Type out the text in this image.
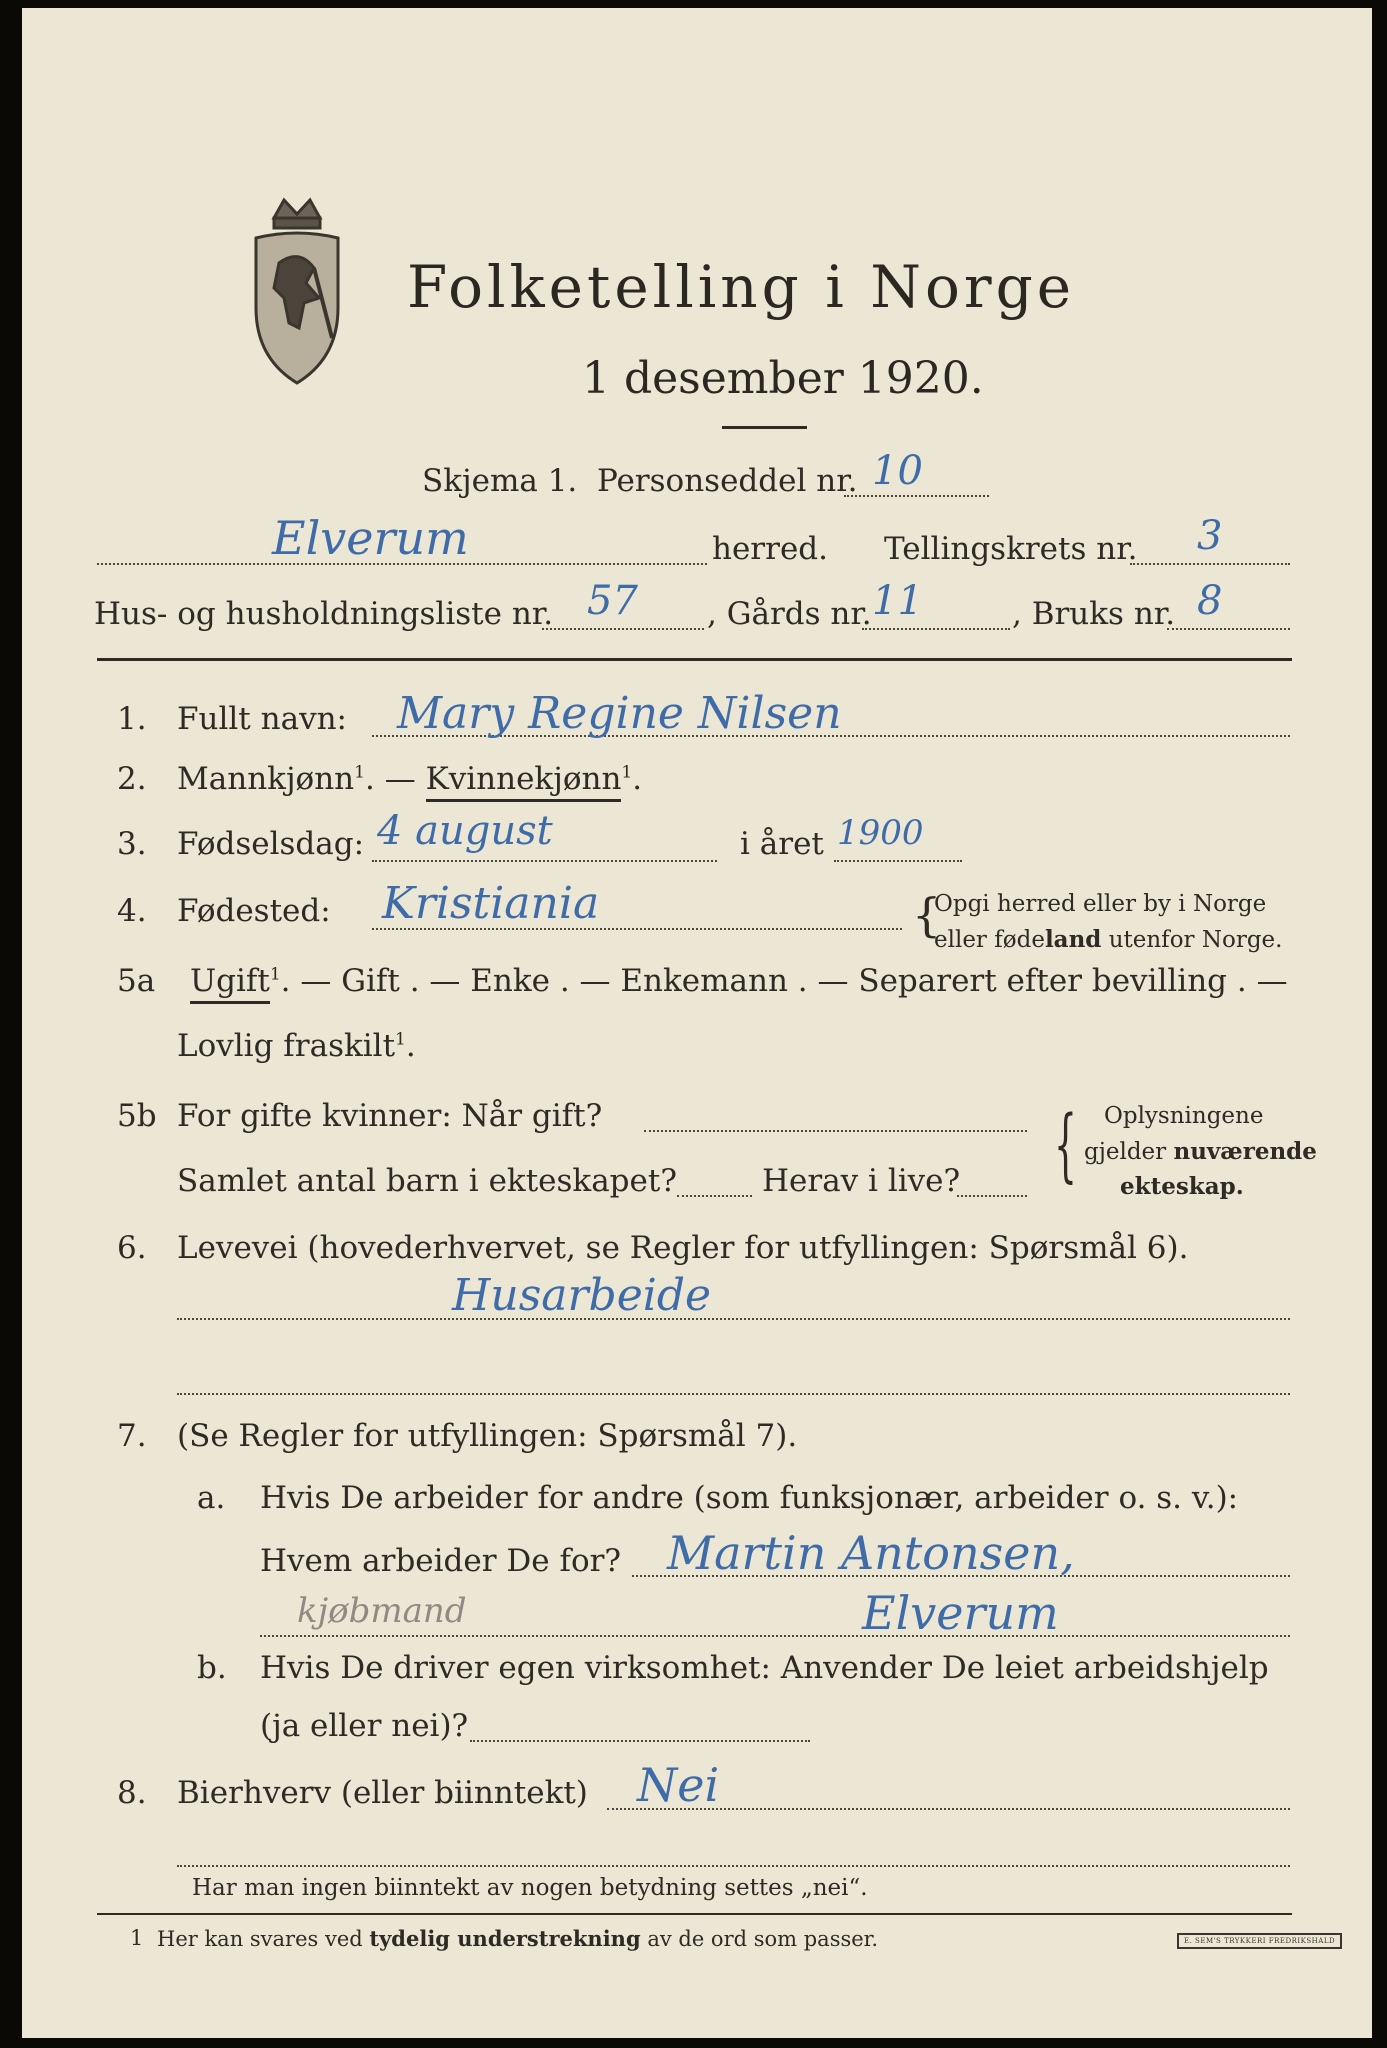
Folketelling i Norge
1 desember 1920.
Skjema 1. Personseddel nr. 10
Elverum	herred. Tellingskrets nr. 3
Hus- og husholdningsliste nr. 57 , Gårds nr. 11	, Bruks nr. 8
1. Fullt navn: Mary Regine Nilsen
2. Mannkjønn$^1$. — Kvinnekjønn$^1$.
3. Fødselsdag: 4 august	i året 1900
4. Fødested: Kristiania	{
Opgi herred eller by i Norge
eller fødeland utenfor Norge.
5a Ugift$^1$. — Gift . — Enke . — Enkemann . — Separert efter bevilling . —
Lovlig fraskilt$^1$.
5b For gifte kvinner: Når gift?
Samlet antal barn i ekteskapet?	Herav i live? { Oplysningene
gjelder nuværende
ekteskap.
6. Levevei (hovederhvervet, se Regler for utfyllingen: Spørsmål 6).
Husarbeide
7. (Se Regler for utfyllingen: Spørsmål 7).
a. Hvis De arbeider for andre (som funksjonær, arbeider o. s. v.):
Hvem arbeider De for? Martin Antonsen,
kjøbmand	Elverum
b. Hvis De driver egen virksomhet: Anvender De leiet arbeidshjelp
(ja eller nei)?
8. Bierhverv (eller biinntekt) Nei
Har man ingen biinntekt av nogen betydning settes „nei“.
1 Her kan svares ved tydelig understrekning av de ord som passer.	E. SEM'S TRYKKERI FREDRIKSHALD
